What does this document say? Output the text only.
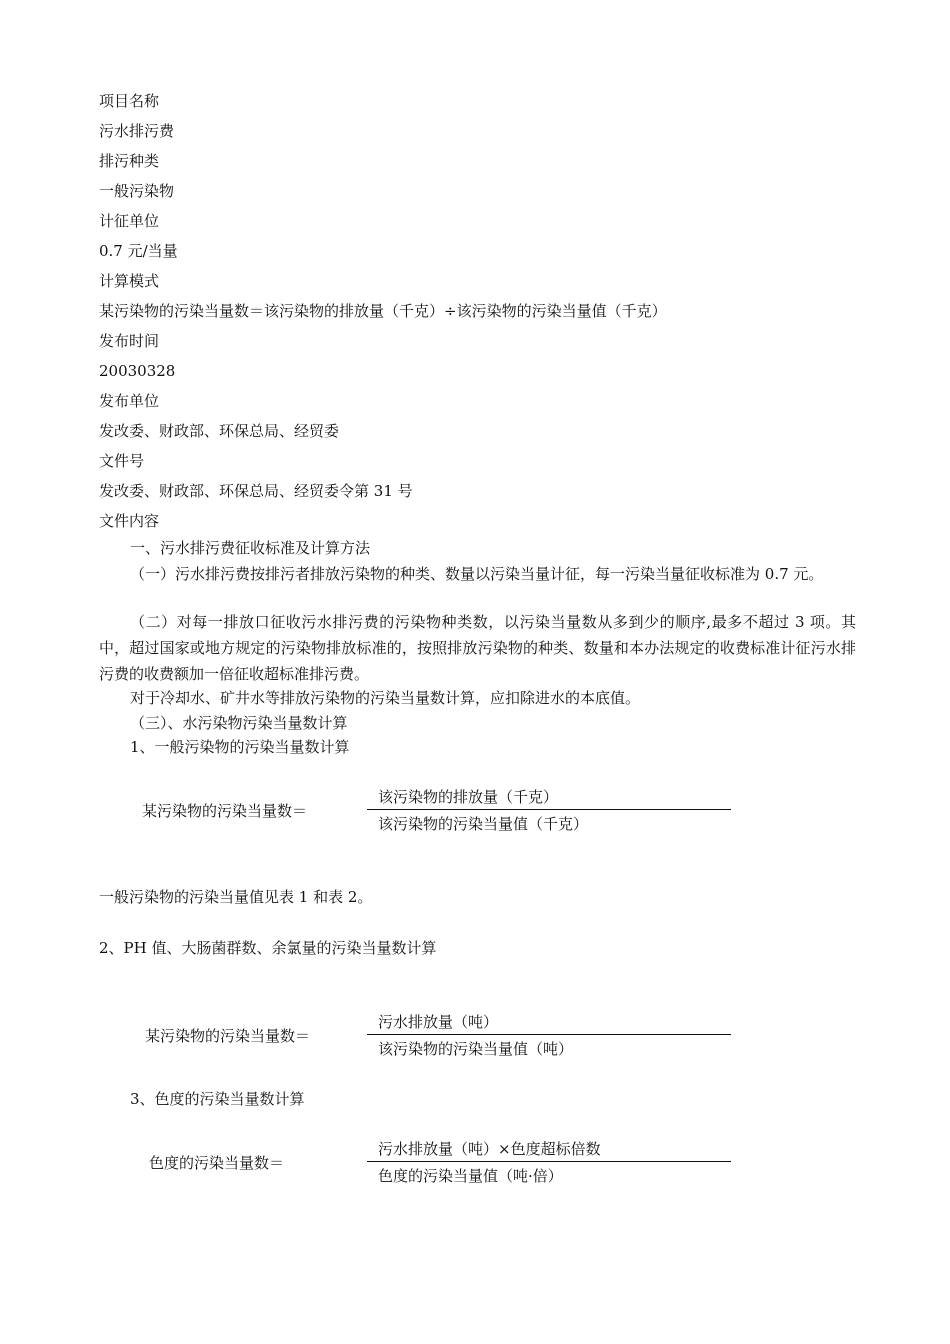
项目名称
污水排污费
排污种类
一般污染物
计征单位
0.7 元/当量
计算模式
某污染物的污染当量数＝该污染物的排放量（千克）÷该污染物的污染当量值（千克）
发布时间
20030328
发布单位
发改委、财政部、环保总局、经贸委
文件号
发改委、财政部、环保总局、经贸委令第 31 号
文件内容
一、污水排污费征收标准及计算方法
（一）污水排污费按排污者排放污染物的种类、数量以污染当量计征，每一污染当量征收标准为 0.7 元。
（二）对每一排放口征收污水排污费的污染物种类数，以污染当量数从多到少的顺序,最多不超过 3 项。其中，超过国家或地方规定的污染物排放标准的，按照排放污染物的种类、数量和本办法规定的收费标准计征污水排污费的收费额加一倍征收超标准排污费。
对于冷却水、矿井水等排放污染物的污染当量数计算，应扣除进水的本底值。
（三）、水污染物污染当量数计算
1、一般污染物的污染当量数计算
某污染物的污染当量数＝
该污染物的排放量（千克）
该污染物的污染当量值（千克）
一般污染物的污染当量值见表 1 和表 2。
2、PH 值、大肠菌群数、余氯量的污染当量数计算
某污染物的污染当量数＝
污水排放量（吨）
该污染物的污染当量值（吨）
3、色度的污染当量数计算
色度的污染当量数＝
污水排放量（吨）×色度超标倍数
色度的污染当量值（吨·倍）
